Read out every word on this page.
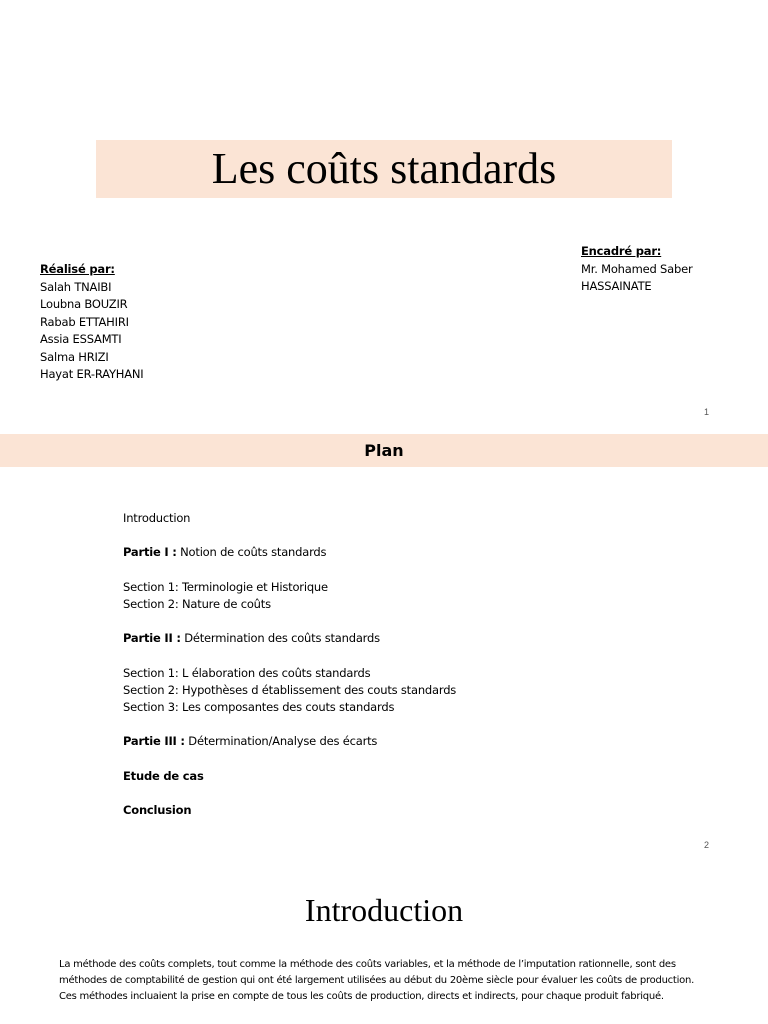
Les coûts standards
Réalisé par:
Salah TNAIBI
Loubna BOUZIR
Rabab ETTAHIRI
Assia ESSAMTI
Salma HRIZI
Hayat ER-RAYHANI
Encadré par:
Mr. Mohamed Saber
HASSAINATE
1
Plan
Introduction
Partie I : Notion de coûts standards
Section 1: Terminologie et Historique
Section 2: Nature de coûts
Partie II : Détermination des coûts standards
Section 1: L élaboration des coûts standards
Section 2: Hypothèses d établissement des couts standards
Section 3: Les composantes des couts standards
Partie III : Détermination/Analyse des écarts
Etude de cas
Conclusion
2
Introduction
La méthode des coûts complets, tout comme la méthode des coûts variables, et la méthode de l’imputation rationnelle, sont des méthodes de comptabilité de gestion qui ont été largement utilisées au début du 20ème siècle pour évaluer les coûts de production. Ces méthodes incluaient la prise en compte de tous les coûts de production, directs et indirects, pour chaque produit fabriqué.
